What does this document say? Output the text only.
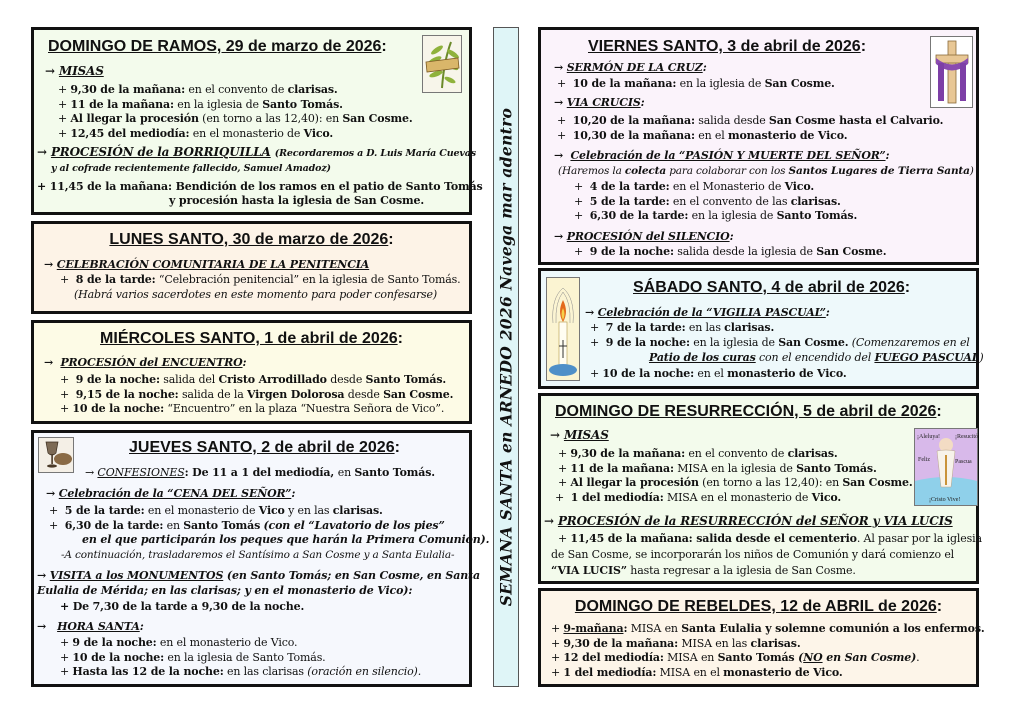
DOMINGO DE RAMOS, 29 de marzo de 2026:
→ MISAS
+ 9,30 de la mañana: en el convento de clarisas.
+ 11 de la mañana: en la iglesia de Santo Tomás.
+ Al llegar la procesión (en torno a las 12,40): en San Cosme.
+ 12,45 del mediodía: en el monasterio de Vico.
→ PROCESIÓN de la BORRIQUILLA (Recordaremos a D. Luis María Cuevas
y al cofrade recientemente fallecido, Samuel Amadoz)
+ 11,45 de la mañana: Bendición de los ramos en el patio de Santo Tomás
y procesión hasta la iglesia de San Cosme.
LUNES SANTO, 30 de marzo de 2026:
→ CELEBRACIÓN COMUNITARIA DE LA PENITENCIA
+  8 de la tarde: “Celebración penitencial” en la iglesia de Santo Tomás.
(Habrá varios sacerdotes en este momento para poder confesarse)
MIÉRCOLES SANTO, 1 de abril de 2026:
→  PROCESIÓN del ENCUENTRO:
+  9 de la noche: salida del Cristo Arrodillado desde Santo Tomás.
+  9,15 de la noche: salida de la Virgen Dolorosa desde San Cosme.
+ 10 de la noche: “Encuentro” en la plaza “Nuestra Señora de Vico”.
JUEVES SANTO, 2 de abril de 2026:
→ CONFESIONES: De 11 a 1 del mediodía, en Santo Tomás.
→ Celebración de la “CENA DEL SEÑOR”:
+  5 de la tarde: en el monasterio de Vico y en las clarisas.
+  6,30 de la tarde: en Santo Tomás (con el “Lavatorio de los pies”
en el que participarán los peques que harán la Primera Comunión).
-A continuación, trasladaremos el Santísimo a San Cosme y a Santa Eulalia-
→ VISITA a los MONUMENTOS (en Santo Tomás; en San Cosme, en Santa
Eulalia de Mérida; en las clarisas; y en el monasterio de Vico):
+ De 7,30 de la tarde a 9,30 de la noche.
→   HORA SANTA:
+ 9 de la noche: en el monasterio de Vico.
+ 10 de la noche: en la iglesia de Santo Tomás.
+ Hasta las 12 de la noche: en las clarisas (oración en silencio).
SEMANA SANTA en ARNEDO 2026 Navega mar adentro
VIERNES SANTO, 3 de abril de 2026:
→ SERMÓN DE LA CRUZ:
+  10 de la mañana: en la iglesia de San Cosme.
→ VIA CRUCIS:
+  10,20 de la mañana: salida desde San Cosme hasta el Calvario.
+  10,30 de la mañana: en el monasterio de Vico.
→  Celebración de la “PASIÓN Y MUERTE DEL SEÑOR”:
(Haremos la colecta para colaborar con los Santos Lugares de Tierra Santa)
+  4 de la tarde: en el Monasterio de Vico.
+  5 de la tarde: en el convento de las clarisas.
+  6,30 de la tarde: en la iglesia de Santo Tomás.
→ PROCESIÓN del SILENCIO:
+  9 de la noche: salida desde la iglesia de San Cosme.
SÁBADO SANTO, 4 de abril de 2026:
→ Celebración de la “VIGILIA PASCUAL”:
+  7 de la tarde: en las clarisas.
+  9 de la noche: en la iglesia de San Cosme. (Comenzaremos en el
Patio de los curas con el encendido del FUEGO PASCUAL)
+ 10 de la noche: en el monasterio de Vico.
DOMINGO DE RESURRECCIÓN, 5 de abril de 2026:
¡Aleluya!	¡Resucitó
Feliz	Pascua
¡Cristo Vive!
→ MISAS
+ 9,30 de la mañana: en el convento de clarisas.
+ 11 de la mañana: MISA en la iglesia de Santo Tomás.
+ Al llegar la procesión (en torno a las 12,40): en San Cosme.
+  1 del mediodía: MISA en el monasterio de Vico.
→ PROCESIÓN de la RESURRECCIÓN del SEÑOR y VIA LUCIS
+ 11,45 de la mañana: salida desde el cementerio. Al pasar por la iglesia
de San Cosme, se incorporarán los niños de Comunión y dará comienzo el
“VIA LUCIS” hasta regresar a la iglesia de San Cosme.
DOMINGO DE REBELDES, 12 de ABRIL de 2026:
+ 9-mañana: MISA en Santa Eulalia y solemne comunión a los enfermos.
+ 9,30 de la mañana: MISA en las clarisas.
+ 12 del mediodía: MISA en Santo Tomás (NO en San Cosme).
+ 1 del mediodía: MISA en el monasterio de Vico.
